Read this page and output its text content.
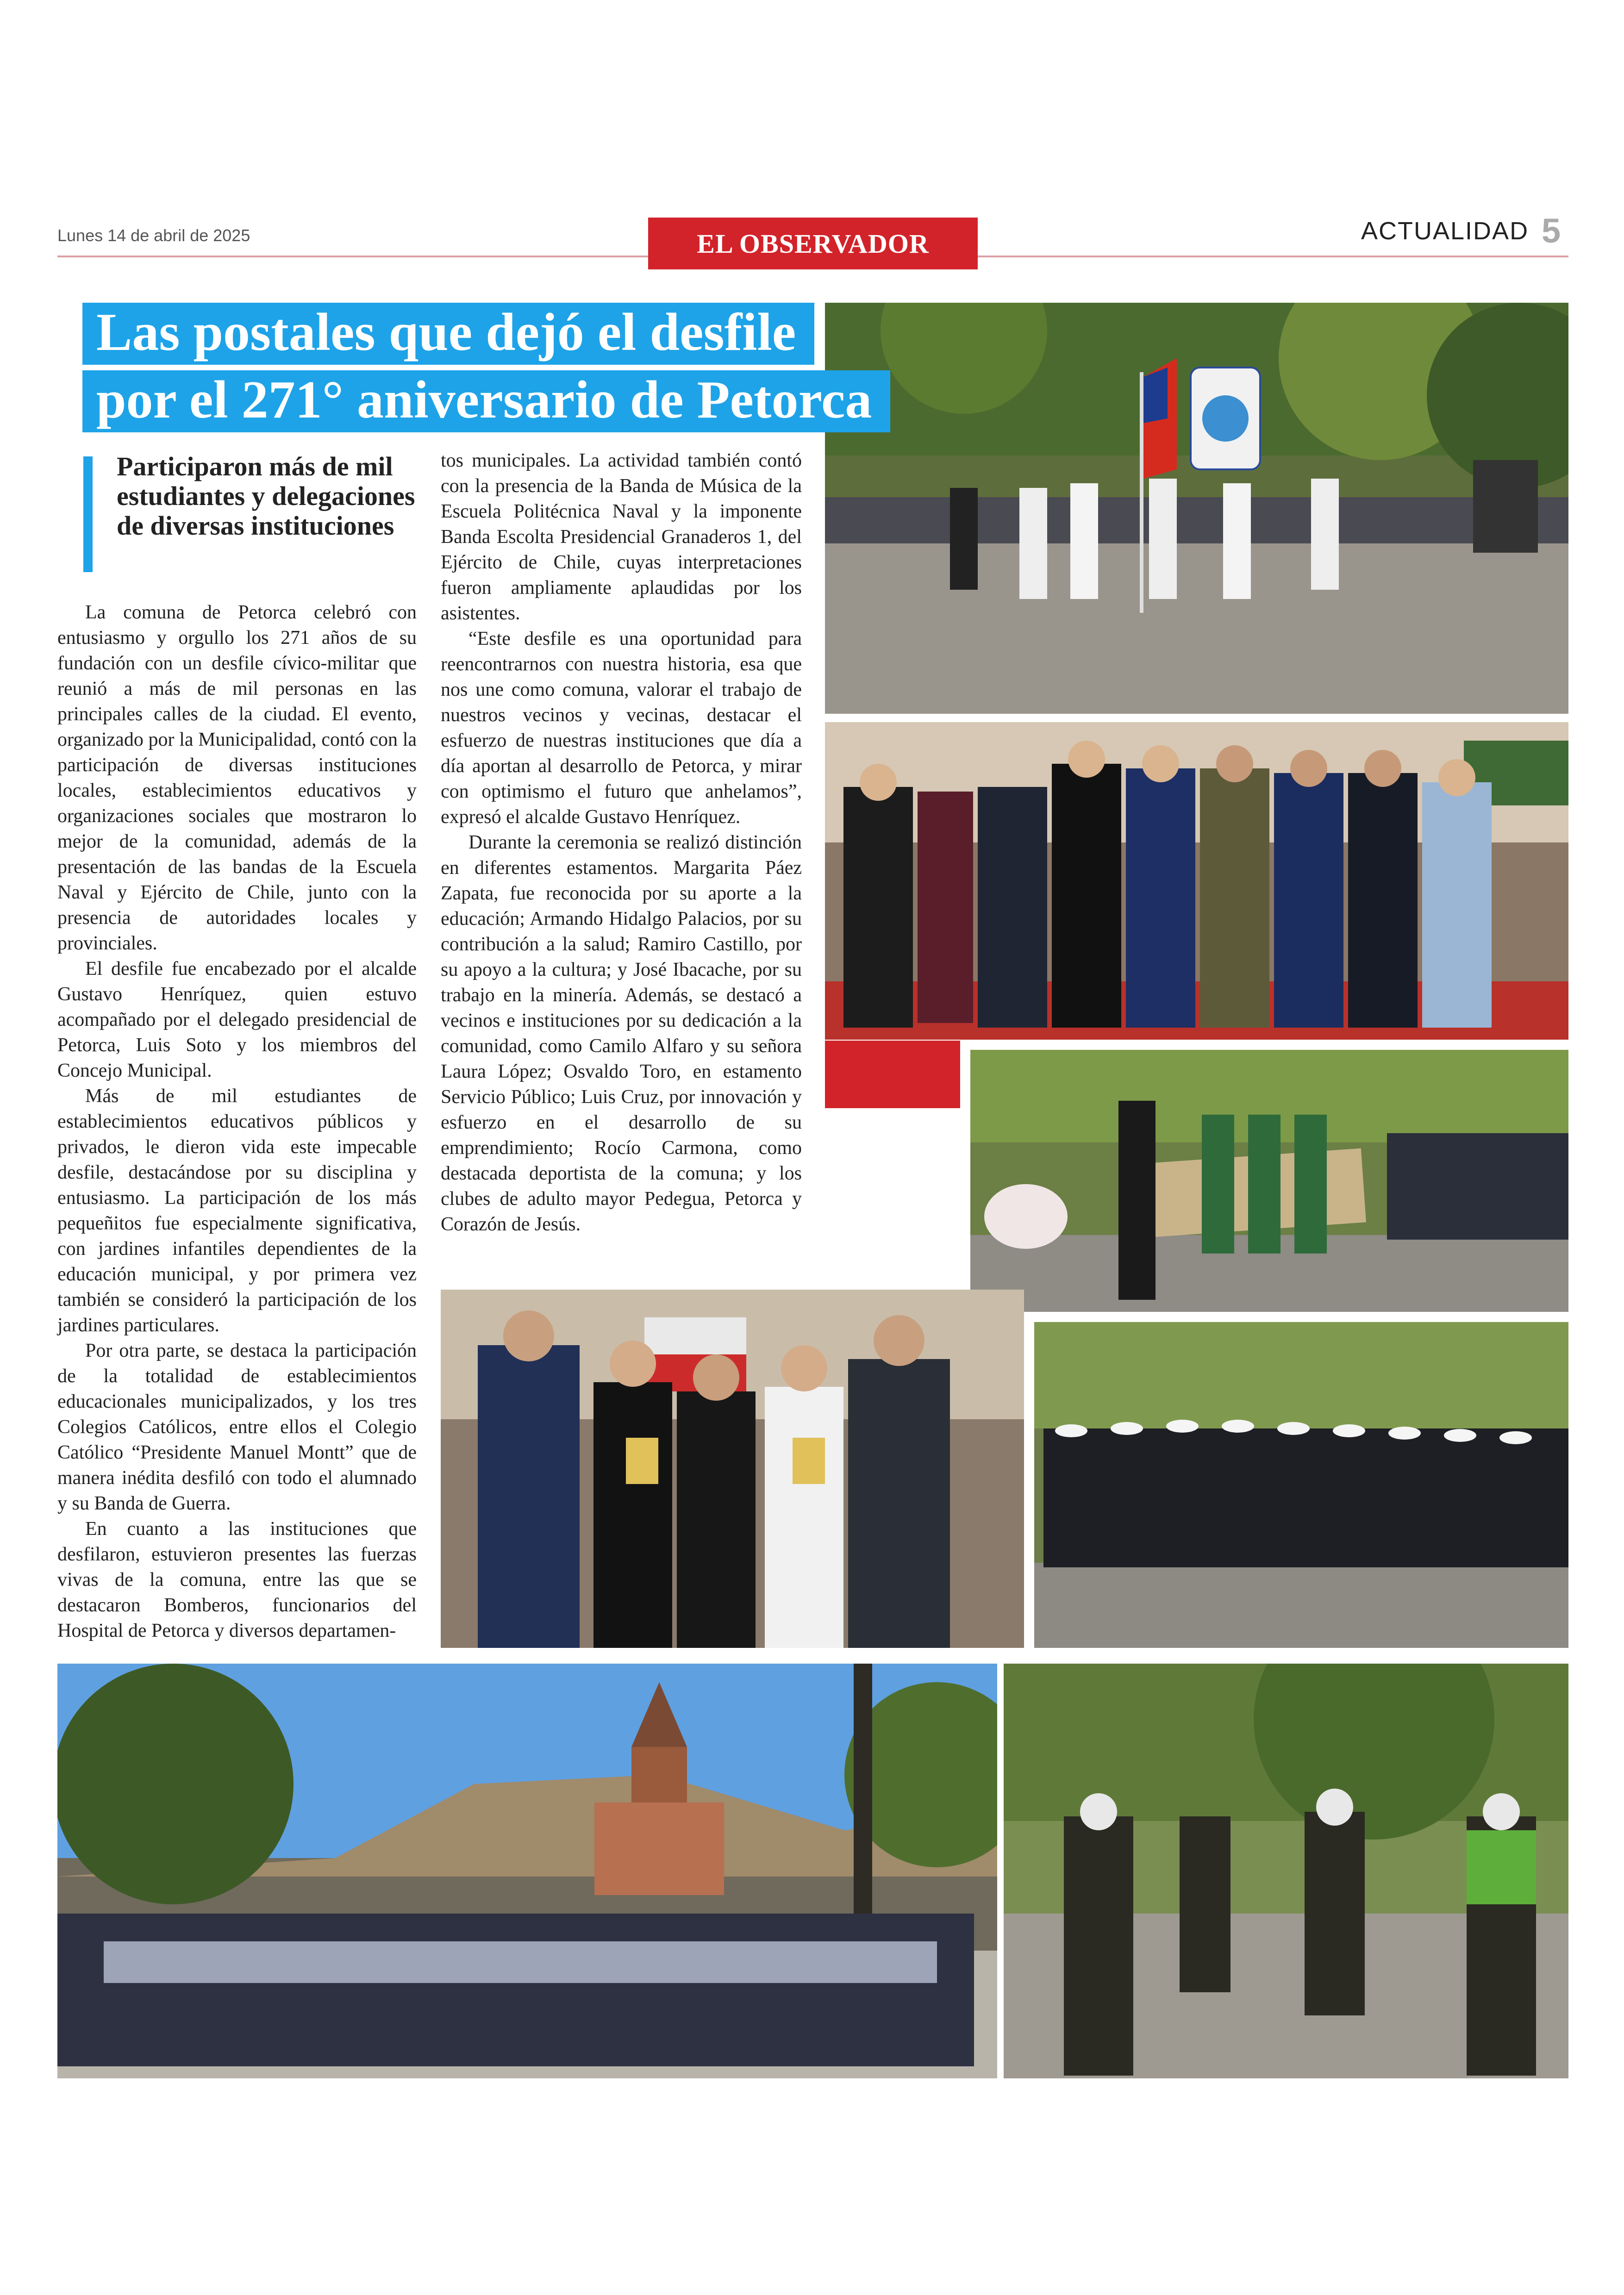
Lunes 14 de abril de 2025	EL OBSERVADOR	ACTUALIDAD 5
Las postales que dejó el desfile
por el 271° aniversario de Petorca
Participaron más de mil estudiantes y delegaciones de diversas instituciones

La comuna de Petorca celebró con entusiasmo y orgullo los 271 años de su fundación con un desfile cívico-militar que reunió a más de mil personas en las principales calles de la ciudad. El evento, organizado por la Municipalidad, contó con la participación de diversas instituciones locales, establecimientos educativos y organizaciones sociales que mostraron lo mejor de la comunidad, además de la presentación de las bandas de la Escuela Naval y Ejército de Chile, junto con la presencia de autoridades locales y provinciales.

El desfile fue encabezado por el alcalde Gustavo Henríquez, quien estuvo acompañado por el delegado presidencial de Petorca, Luis Soto y los miembros del Concejo Municipal.

Más de mil estudiantes de establecimientos educativos públicos y privados, le dieron vida este impecable desfile, destacándose por su disciplina y entusiasmo. La participación de los más pequeñitos fue especialmente significativa, con jardines infantiles dependientes de la educación municipal, y por primera vez también se consideró la participación de los jardines particulares.

Por otra parte, se destaca la participación de la totalidad de establecimientos educacionales municipalizados, y los tres Colegios Católicos, entre ellos el Colegio Católico “Presidente Manuel Montt” que de manera inédita desfiló con todo el alumnado y su Banda de Guerra.

En cuanto a las instituciones que desfilaron, estuvieron presentes las fuerzas vivas de la comuna, entre las que se destacaron Bomberos, funcionarios del Hospital de Petorca y diversos departamen-

tos municipales. La actividad también contó con la presencia de la Banda de Música de la Escuela Politécnica Naval y la imponente Banda Escolta Presidencial Granaderos 1, del Ejército de Chile, cuyas interpretaciones fueron ampliamente aplaudidas por los asistentes.

“Este desfile es una oportunidad para reencontrarnos con nuestra historia, esa que nos une como comuna, valorar el trabajo de nuestros vecinos y vecinas, destacar el esfuerzo de nuestras instituciones que día a día aportan al desarrollo de Petorca, y mirar con optimismo el futuro que anhelamos”, expresó el alcalde Gustavo Henríquez.

Durante la ceremonia se realizó distinción en diferentes estamentos. Margarita Páez Zapata, fue reconocida por su aporte a la educación; Armando Hidalgo Palacios, por su contribución a la salud; Ramiro Castillo, por su apoyo a la cultura; y José Ibacache, por su trabajo en la minería. Además, se destacó a vecinos e instituciones por su dedicación a la comunidad, como Camilo Alfaro y su señora Laura López; Osvaldo Toro, en estamento Servicio Público; Luis Cruz, por innovación y esfuerzo en el desarrollo de su emprendimiento; Rocío Carmona, como destacada deportista de la comuna; y los clubes de adulto mayor Pedegua, Petorca y Corazón de Jesús.
